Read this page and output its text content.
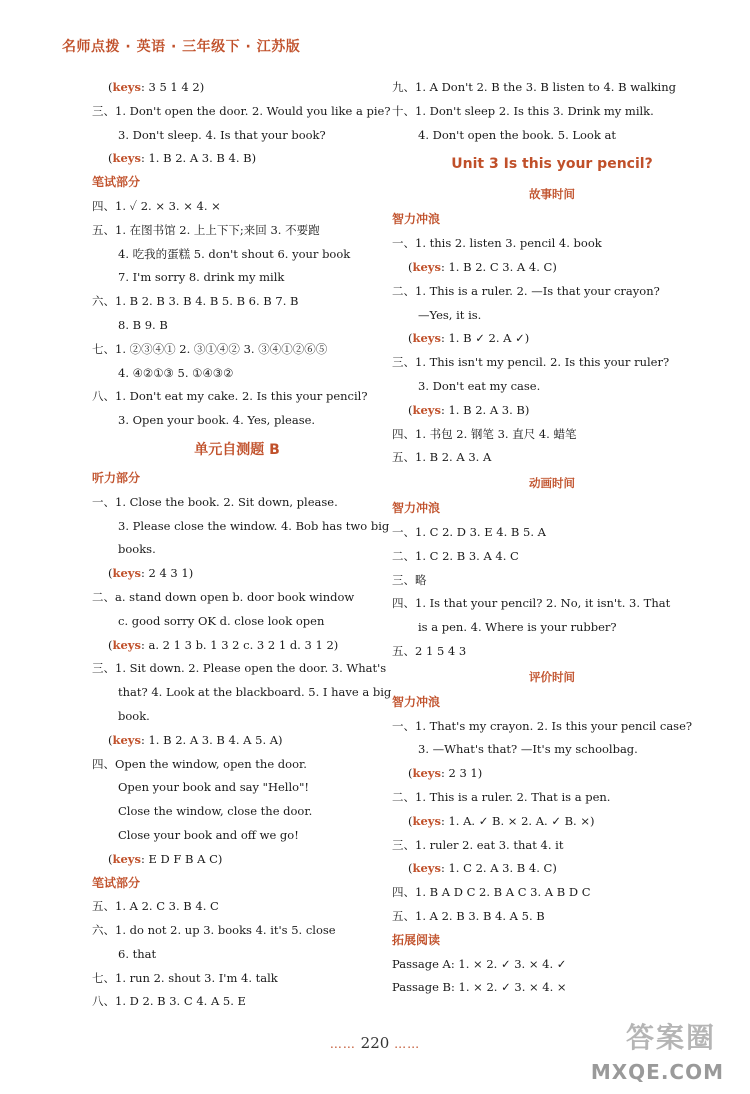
名师点拨 · 英语 · 三年级下 · 江苏版
(keys: 3 5 1 4 2)
三、1. Don't open the door. 2. Would you like a pie?
3. Don't sleep. 4. Is that your book?
(keys: 1. B 2. A 3. B 4. B)
笔试部分
四、1. ✓ 2. × 3. × 4. ×
五、1. 在图书馆 2. 上上下下;来回 3. 不要跑
4. 吃我的蛋糕 5. don't shout 6. your book
7. I'm sorry 8. drink my milk
六、1. B 2. B 3. B 4. B 5. B 6. B 7. B
8. B 9. B
七、1. ②③④① 2. ③①④② 3. ③④①②⑥⑤
4. ④②①③ 5. ①④③②
八、1. Don't eat my cake. 2. Is this your pencil?
3. Open your book. 4. Yes, please.
单元自测题 B
听力部分
一、1. Close the book. 2. Sit down, please.
3. Please close the window. 4. Bob has two big
books.
(keys: 2 4 3 1)
二、a. stand down open b. door book window
c. good sorry OK d. close look open
(keys: a. 2 1 3 b. 1 3 2 c. 3 2 1 d. 3 1 2)
三、1. Sit down. 2. Please open the door. 3. What's
that? 4. Look at the blackboard. 5. I have a big
book.
(keys: 1. B 2. A 3. B 4. A 5. A)
四、Open the window, open the door.
Open your book and say "Hello"!
Close the window, close the door.
Close your book and off we go!
(keys: E D F B A C)
笔试部分
五、1. A 2. C 3. B 4. C
六、1. do not 2. up 3. books 4. it's 5. close
6. that
七、1. run 2. shout 3. I'm 4. talk
八、1. D 2. B 3. C 4. A 5. E
九、1. A Don't 2. B the 3. B listen to 4. B walking
十、1. Don't sleep 2. Is this 3. Drink my milk.
4. Don't open the book. 5. Look at
Unit 3 Is this your pencil?
故事时间
智力冲浪
一、1. this 2. listen 3. pencil 4. book
(keys: 1. B 2. C 3. A 4. C)
二、1. This is a ruler. 2. —Is that your crayon?
—Yes, it is.
(keys: 1. B ✓ 2. A ✓)
三、1. This isn't my pencil. 2. Is this your ruler?
3. Don't eat my case.
(keys: 1. B 2. A 3. B)
四、1. 书包 2. 钢笔 3. 直尺 4. 蜡笔
五、1. B 2. A 3. A
动画时间
智力冲浪
一、1. C 2. D 3. E 4. B 5. A
二、1. C 2. B 3. A 4. C
三、略
四、1. Is that your pencil? 2. No, it isn't. 3. That
is a pen. 4. Where is your rubber?
五、2 1 5 4 3
评价时间
智力冲浪
一、1. That's my crayon. 2. Is this your pencil case?
3. —What's that? —It's my schoolbag.
(keys: 2 3 1)
二、1. This is a ruler. 2. That is a pen.
(keys: 1. A. ✓ B. × 2. A. ✓ B. ×)
三、1. ruler 2. eat 3. that 4. it
(keys: 1. C 2. A 3. B 4. C)
四、1. B A D C 2. B A C 3. A B D C
五、1. A 2. B 3. B 4. A 5. B
拓展阅读
Passage A: 1. × 2. ✓ 3. × 4. ✓
Passage B: 1. × 2. ✓ 3. × 4. ×
…… 220 ……	答案圈
MXQE.COM
